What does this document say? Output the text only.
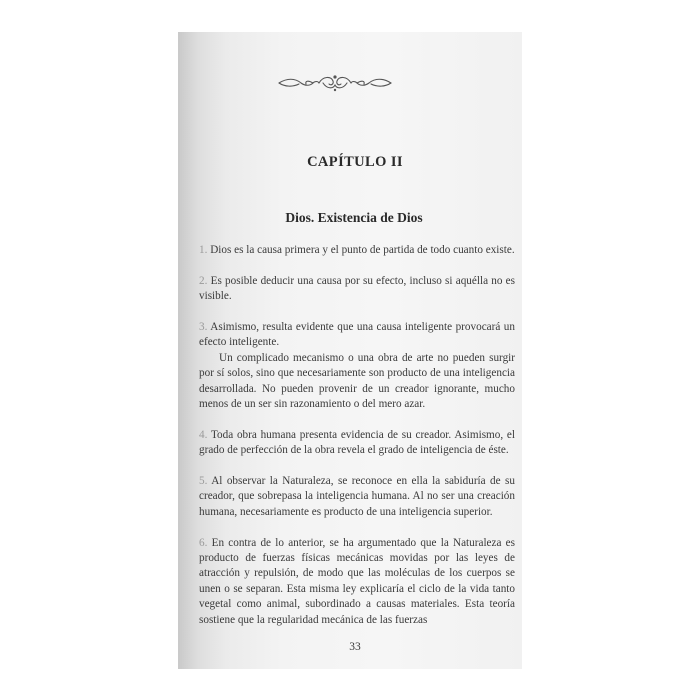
CAPÍTULO II
Dios. Existencia de Dios

1. Dios es la causa primera y el punto de partida de todo cuanto existe.

2. Es posible deducir una causa por su efecto, incluso si aquélla no es visible.

3. Asimismo, resulta evidente que una causa inteligente provocará un efecto inteligente.

Un complicado mecanismo o una obra de arte no pueden surgir por sí solos, sino que necesariamente son producto de una inteligencia desarrollada. No pueden provenir de un creador ignorante, mucho menos de un ser sin razonamiento o del mero azar.

4. Toda obra humana presenta evidencia de su creador. Asimismo, el grado de perfección de la obra revela el grado de inteligencia de éste.

5. Al observar la Naturaleza, se reconoce en ella la sabiduría de su creador, que sobrepasa la inteligencia humana. Al no ser una creación humana, necesariamente es producto de una inteligencia superior.

6. En contra de lo anterior, se ha argumentado que la Naturaleza es producto de fuerzas físicas mecánicas movidas por las leyes de atracción y repulsión, de modo que las moléculas de los cuerpos se unen o se separan. Esta misma ley explicaría el ciclo de la vida tanto vegetal como animal, subordinado a causas materiales. Esta teoría sostiene que la regularidad mecánica de las fuerzas

33
